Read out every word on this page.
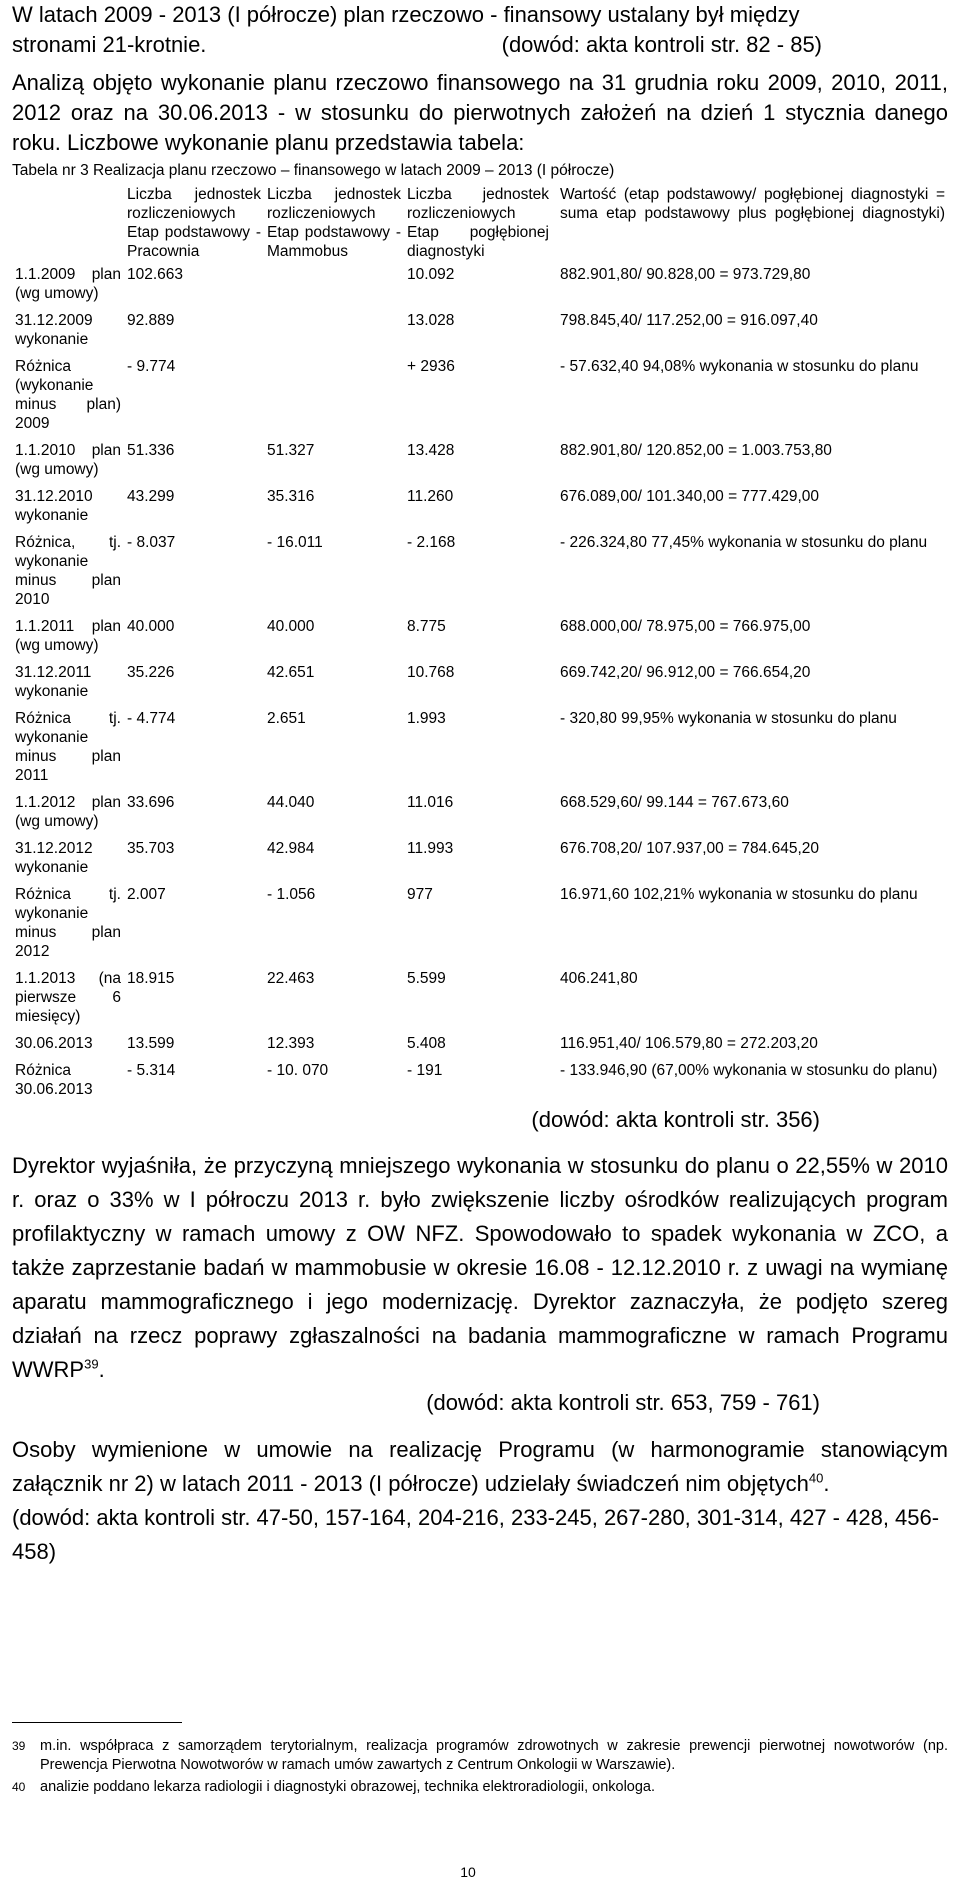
W latach 2009 - 2013 (I półrocze) plan rzeczowo - finansowy ustalany był między
stronami 21-krotnie.	(dowód: akta kontroli str. 82 - 85)

Analizą objęto wykonanie planu rzeczowo finansowego na 31 grudnia roku 2009, 2010, 2011, 2012 oraz na 30.06.2013 - w stosunku do pierwotnych założeń na dzień 1 stycznia danego roku. Liczbowe wykonanie planu przedstawia tabela:

Tabela nr 3 Realizacja planu rzeczowo – finansowego w latach 2009 – 2013 (I półrocze)
	Liczba jednostek rozliczeniowych Etap podstawowy - Pracownia	Liczba jednostek rozliczeniowych Etap podstawowy - Mammobus	Liczba jednostek rozliczeniowych Etap pogłębionej diagnostyki	Wartość (etap podstawowy/ pogłębionej diagnostyki = suma etap podstawowy plus pogłębionej diagnostyki)
1.1.2009 plan (wg umowy)	102.663		10.092	882.901,80/ 90.828,00 = 973.729,80
31.12.2009 wykonanie	92.889		13.028	798.845,40/ 117.252,00 = 916.097,40
Różnica (wykonanie minus plan) 2009	- 9.774		+ 2936	- 57.632,40 94,08% wykonania w stosunku do planu
1.1.2010 plan (wg umowy)	51.336	51.327	13.428	882.901,80/ 120.852,00 = 1.003.753,80
31.12.2010 wykonanie	43.299	35.316	11.260	676.089,00/ 101.340,00 = 777.429,00
Różnica, tj. wykonanie minus plan 2010	- 8.037	- 16.011	- 2.168	- 226.324,80 77,45% wykonania w stosunku do planu
1.1.2011 plan (wg umowy)	40.000	40.000	8.775	688.000,00/ 78.975,00 = 766.975,00
31.12.2011 wykonanie	35.226	42.651	10.768	669.742,20/ 96.912,00 = 766.654,20
Różnica tj. wykonanie minus plan 2011	- 4.774	2.651	1.993	- 320,80 99,95% wykonania w stosunku do planu
1.1.2012 plan (wg umowy)	33.696	44.040	11.016	668.529,60/ 99.144 = 767.673,60
31.12.2012 wykonanie	35.703	42.984	11.993	676.708,20/ 107.937,00 = 784.645,20
Różnica tj. wykonanie minus plan 2012	2.007	- 1.056	977	16.971,60 102,21% wykonania w stosunku do planu
1.1.2013 (na pierwsze 6 miesięcy)	18.915	22.463	5.599	406.241,80
30.06.2013	13.599	12.393	5.408	116.951,40/ 106.579,80 = 272.203,20
Różnica 30.06.2013	- 5.314	- 10. 070	- 191	- 133.946,90 (67,00% wykonania w stosunku do planu)
(dowód: akta kontroli str. 356)

Dyrektor wyjaśniła, że przyczyną mniejszego wykonania w stosunku do planu o 22,55% w 2010 r. oraz o 33% w I półroczu 2013 r. było zwiększenie liczby ośrodków realizujących program profilaktyczny w ramach umowy z OW NFZ. Spowodowało to spadek wykonania w ZCO, a także zaprzestanie badań w mammobusie w okresie 16.08 - 12.12.2010 r. z uwagi na wymianę aparatu mammograficznego i jego modernizację. Dyrektor zaznaczyła, że podjęto szereg działań na rzecz poprawy zgłaszalności na badania mammograficzne w ramach Programu WWRP$^{39}$.

(dowód: akta kontroli str. 653, 759 - 761)

Osoby wymienione w umowie na realizację Programu (w harmonogramie stanowiącym załącznik nr 2) w latach 2011 - 2013 (I półrocze) udzielały świadczeń nim objętych$^{40}$.

(dowód: akta kontroli str. 47-50, 157-164, 204-216, 233-245, 267-280, 301-314, 427 - 428, 456-458)

39	m.in. współpraca z samorządem terytorialnym, realizacja programów zdrowotnych w zakresie prewencji pierwotnej nowotworów (np. Prewencja Pierwotna Nowotworów w ramach umów zawartych z Centrum Onkologii w Warszawie).
40	analizie poddano lekarza radiologii i diagnostyki obrazowej, technika elektroradiologii, onkologa.
10
